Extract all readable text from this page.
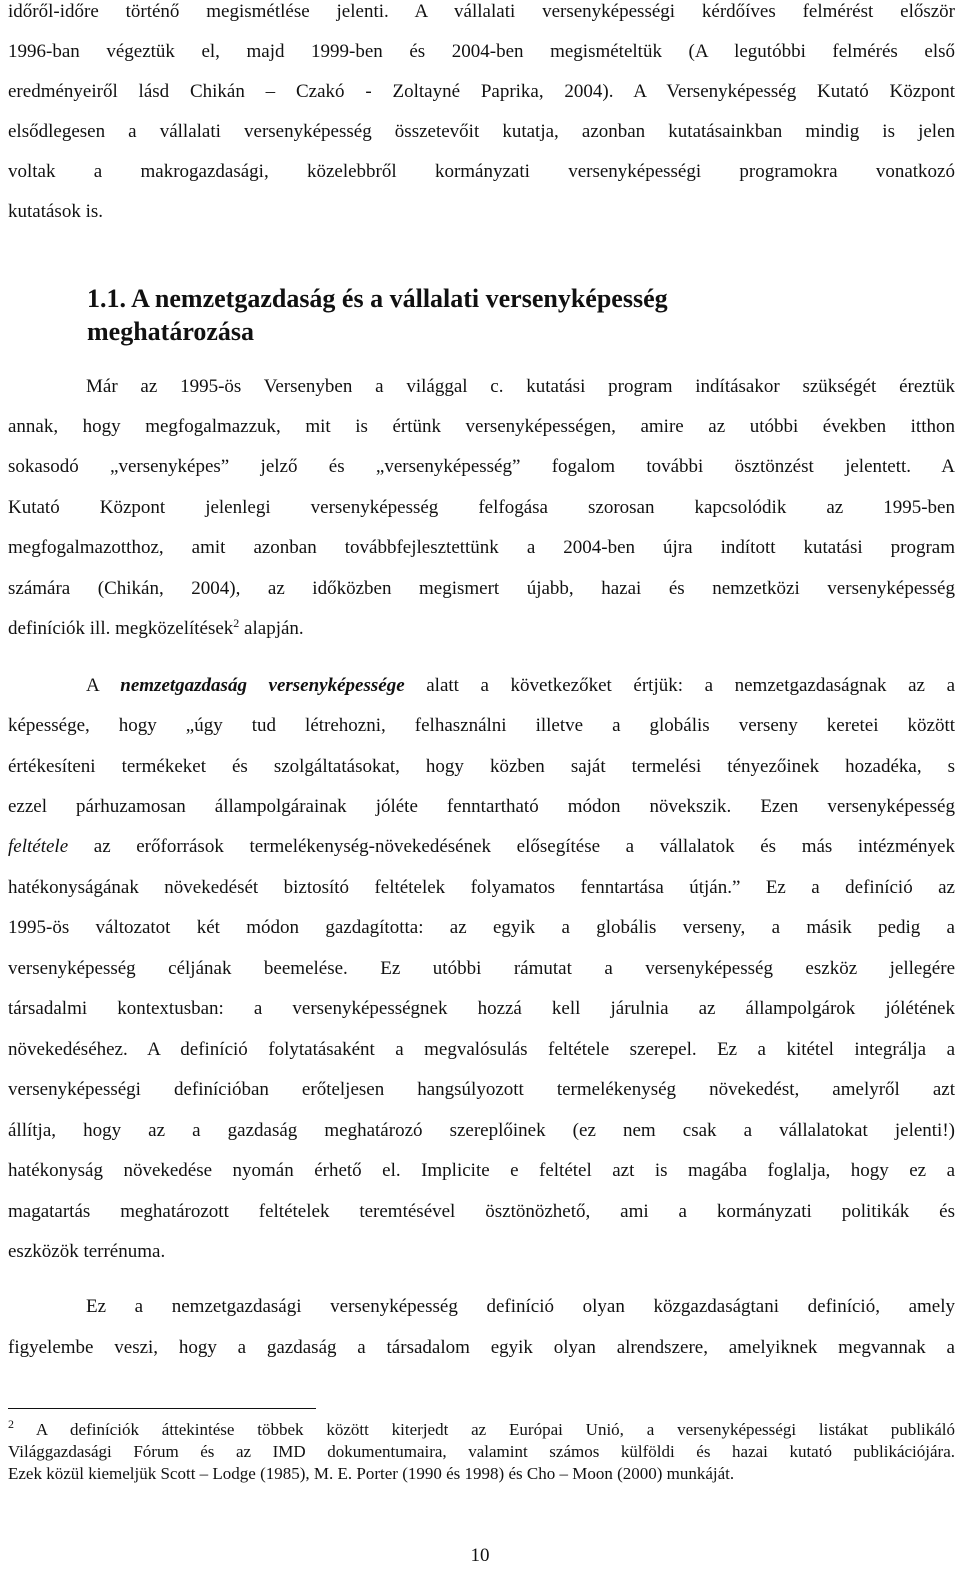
időről-időre történő megismétlése jelenti. A vállalati versenyképességi kérdőíves felmérést először
1996-ban végeztük el, majd 1999-ben és 2004-ben megismételtük (A legutóbbi felmérés első
eredményeiről lásd Chikán – Czakó - Zoltayné Paprika, 2004). A Versenyképesség Kutató Központ
elsődlegesen a vállalati versenyképesség összetevőit kutatja, azonban kutatásainkban mindig is jelen
voltak a makrogazdasági, közelebbről kormányzati versenyképességi programokra vonatkozó
kutatások is.
1.1. A nemzetgazdaság és a vállalati versenyképesség
meghatározása
Már az 1995-ös Versenyben a világgal c. kutatási program indításakor szükségét éreztük
annak, hogy megfogalmazzuk, mit is értünk versenyképességen, amire az utóbbi években itthon
sokasodó „versenyképes” jelző és „versenyképesség” fogalom további ösztönzést jelentett. A
Kutató Központ jelenlegi versenyképesség felfogása szorosan kapcsolódik az 1995-ben
megfogalmazotthoz, amit azonban továbbfejlesztettünk a 2004-ben újra indított kutatási program
számára (Chikán, 2004), az időközben megismert újabb, hazai és nemzetközi versenyképesség
definíciók ill. megközelítések$^2$ alapján.
A nemzetgazdaság versenyképessége alatt a következőket értjük: a nemzetgazdaságnak az a
képessége, hogy „úgy tud létrehozni, felhasználni illetve a globális verseny keretei között
értékesíteni termékeket és szolgáltatásokat, hogy közben saját termelési tényezőinek hozadéka, s
ezzel párhuzamosan állampolgárainak jóléte fenntartható módon növekszik. Ezen versenyképesség
feltétele az erőforrások termelékenység-növekedésének elősegítése a vállalatok és más intézmények
hatékonyságának növekedését biztosító feltételek folyamatos fenntartása útján.” Ez a definíció az
1995-ös változatot két módon gazdagította: az egyik a globális verseny, a másik pedig a
versenyképesség céljának beemelése. Ez utóbbi rámutat a versenyképesség eszköz jellegére
társadalmi kontextusban: a versenyképességnek hozzá kell járulnia az állampolgárok jólétének
növekedéséhez. A definíció folytatásaként a megvalósulás feltétele szerepel. Ez a kitétel integrálja a
versenyképességi definícióban erőteljesen hangsúlyozott termelékenység növekedést, amelyről azt
állítja, hogy az a gazdaság meghatározó szereplőinek (ez nem csak a vállalatokat jelenti!)
hatékonyság növekedése nyomán érhető el. Implicite e feltétel azt is magába foglalja, hogy ez a
magatartás meghatározott feltételek teremtésével ösztönözhető, ami a kormányzati politikák és
eszközök terrénuma.
Ez a nemzetgazdasági versenyképesség definíció olyan közgazdaságtani definíció, amely
figyelembe veszi, hogy a gazdaság a társadalom egyik olyan alrendszere, amelyiknek megvannak a
$^2$ A definíciók áttekintése többek között kiterjedt az Európai Unió, a versenyképességi listákat publikáló
Világgazdasági Fórum és az IMD dokumentumaira, valamint számos külföldi és hazai kutató publikációjára.
Ezek közül kiemeljük Scott – Lodge (1985), M. E. Porter (1990 és 1998) és Cho – Moon (2000) munkáját.
10
